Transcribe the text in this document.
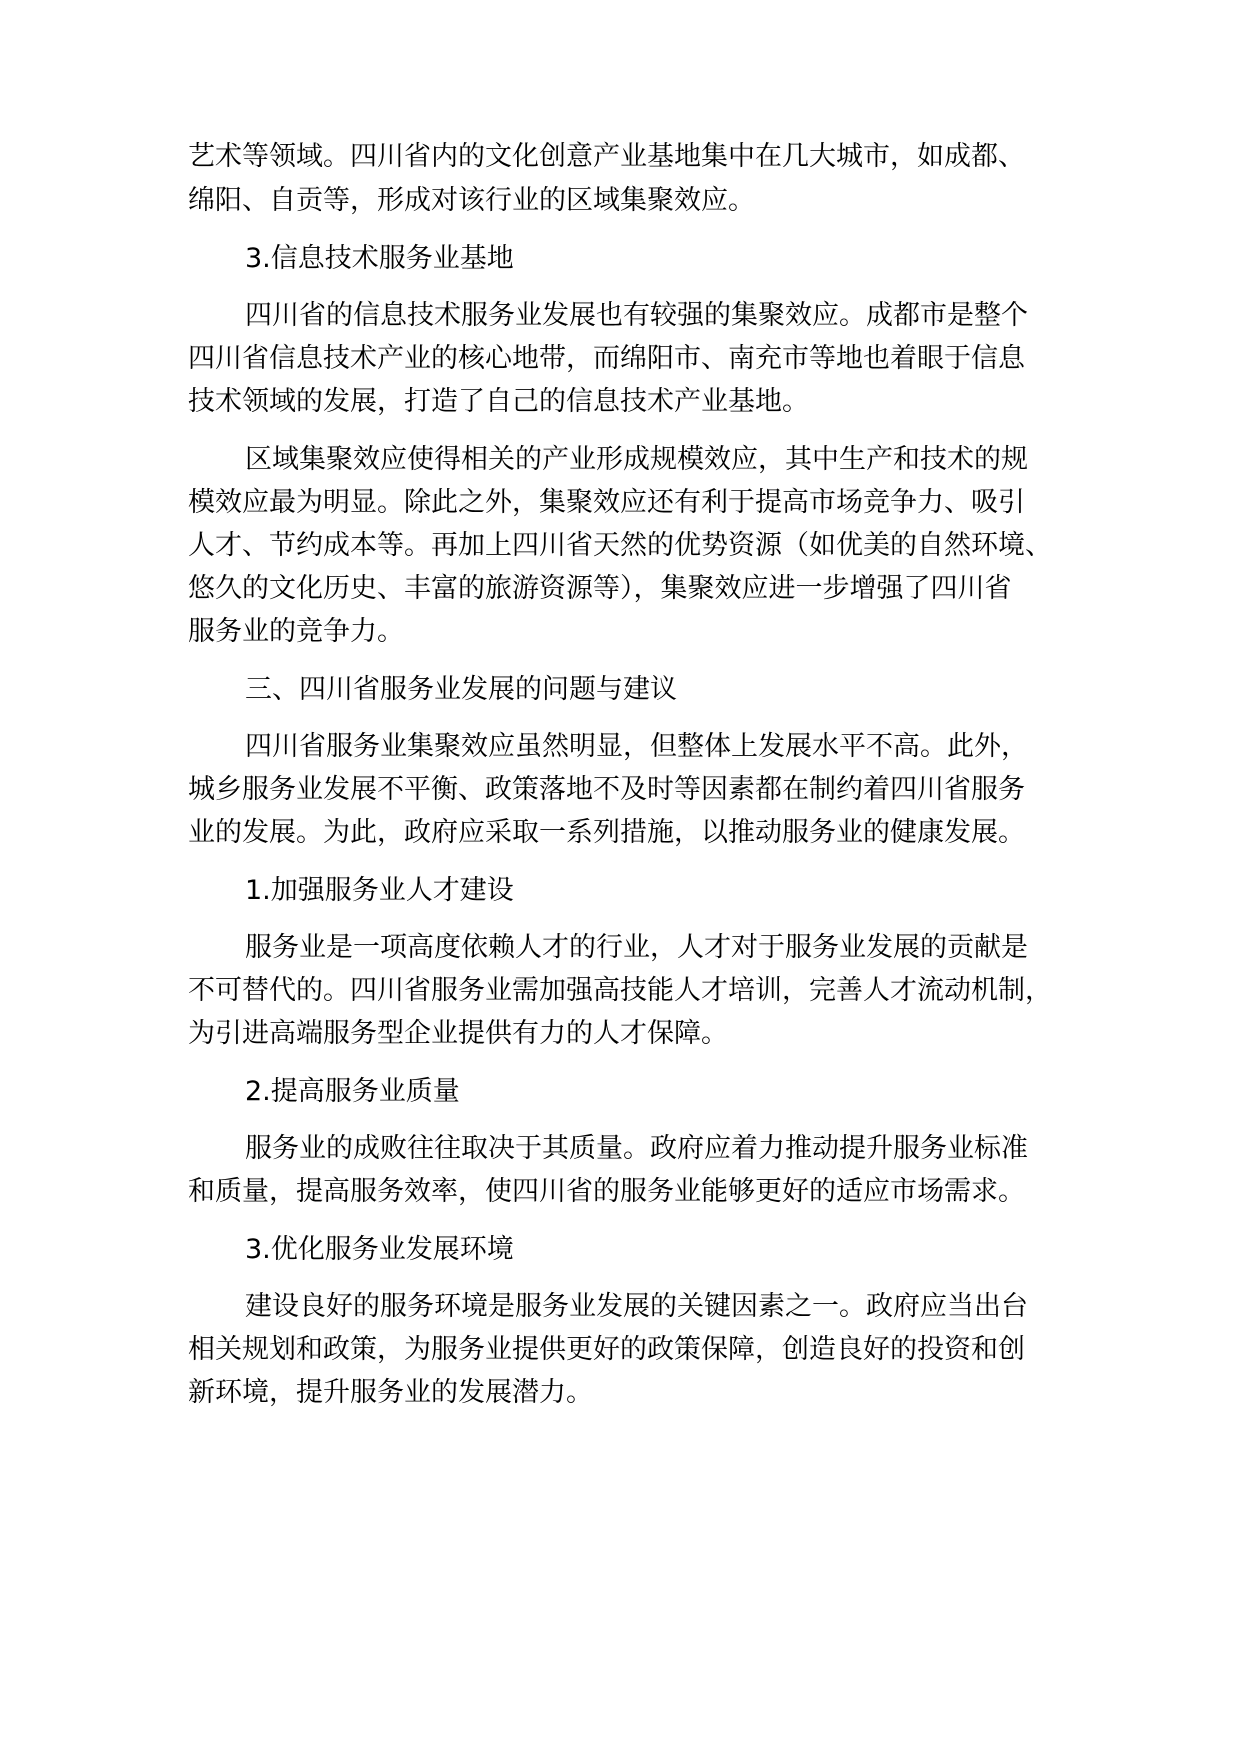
艺术等领域。四川省内的文化创意产业基地集中在几大城市，如成都、
绵阳、自贡等，形成对该行业的区域集聚效应。
3.信息技术服务业基地
四川省的信息技术服务业发展也有较强的集聚效应。成都市是整个
四川省信息技术产业的核心地带，而绵阳市、南充市等地也着眼于信息
技术领域的发展，打造了自己的信息技术产业基地。
区域集聚效应使得相关的产业形成规模效应，其中生产和技术的规
模效应最为明显。除此之外，集聚效应还有利于提高市场竞争力、吸引
人才、节约成本等。再加上四川省天然的优势资源（如优美的自然环境、
悠久的文化历史、丰富的旅游资源等），集聚效应进一步增强了四川省
服务业的竞争力。
三、四川省服务业发展的问题与建议
四川省服务业集聚效应虽然明显，但整体上发展水平不高。此外，
城乡服务业发展不平衡、政策落地不及时等因素都在制约着四川省服务
业的发展。为此，政府应采取一系列措施，以推动服务业的健康发展。
1.加强服务业人才建设
服务业是一项高度依赖人才的行业，人才对于服务业发展的贡献是
不可替代的。四川省服务业需加强高技能人才培训，完善人才流动机制，
为引进高端服务型企业提供有力的人才保障。
2.提高服务业质量
服务业的成败往往取决于其质量。政府应着力推动提升服务业标准
和质量，提高服务效率，使四川省的服务业能够更好的适应市场需求。
3.优化服务业发展环境
建设良好的服务环境是服务业发展的关键因素之一。政府应当出台
相关规划和政策，为服务业提供更好的政策保障，创造良好的投资和创
新环境，提升服务业的发展潜力。
